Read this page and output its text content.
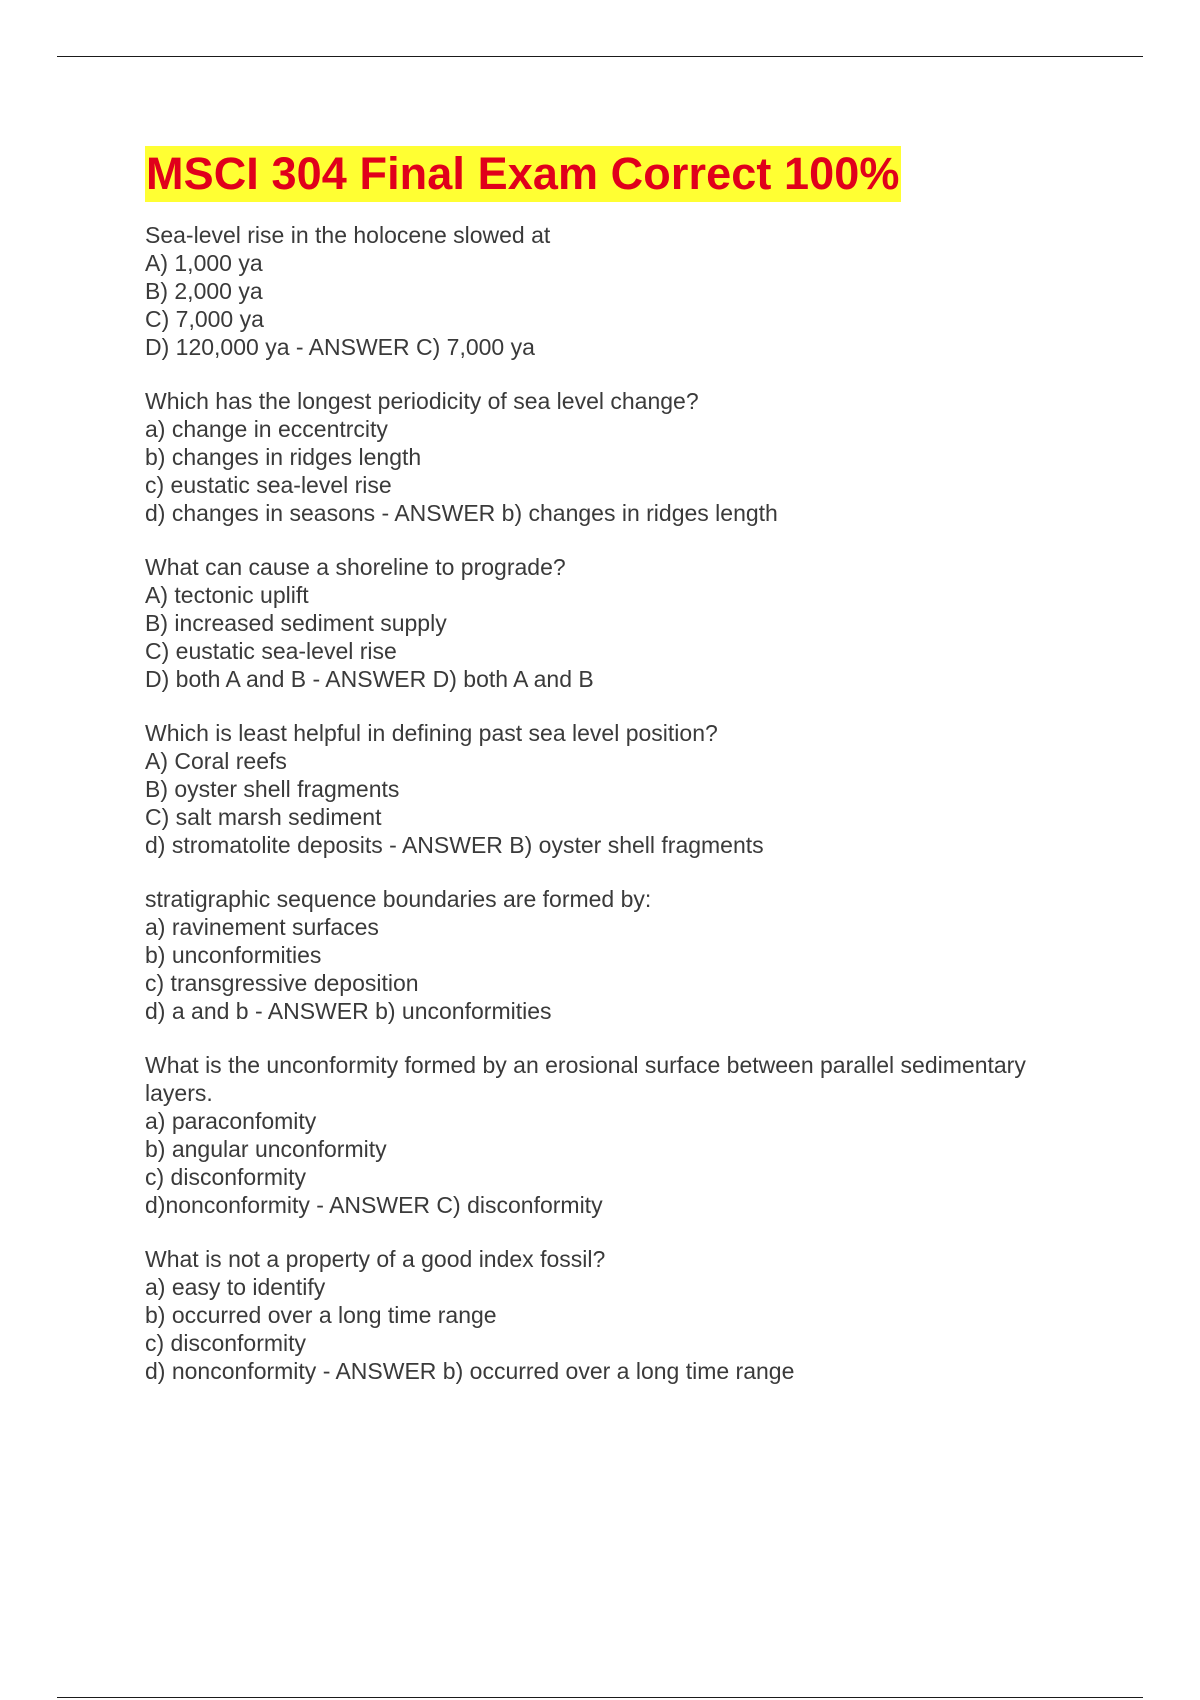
MSCI 304 Final Exam Correct 100%
Sea-level rise in the holocene slowed at
A) 1,000 ya
B) 2,000 ya
C) 7,000 ya
D) 120,000 ya - ANSWER C) 7,000 ya
Which has the longest periodicity of sea level change?
a) change in eccentrcity
b) changes in ridges length
c) eustatic sea-level rise
d) changes in seasons - ANSWER b) changes in ridges length
What can cause a shoreline to prograde?
A) tectonic uplift
B) increased sediment supply
C) eustatic sea-level rise
D) both A and B - ANSWER D) both A and B
Which is least helpful in defining past sea level position?
A) Coral reefs
B) oyster shell fragments
C) salt marsh sediment
d) stromatolite deposits - ANSWER B) oyster shell fragments
stratigraphic sequence boundaries are formed by:
a) ravinement surfaces
b) unconformities
c) transgressive deposition
d) a and b - ANSWER b) unconformities
What is the unconformity formed by an erosional surface between parallel sedimentary layers.
a) paraconfomity
b) angular unconformity
c) disconformity
d)nonconformity - ANSWER C) disconformity
What is not a property of a good index fossil?
a) easy to identify
b) occurred over a long time range
c) disconformity
d) nonconformity - ANSWER b) occurred over a long time range
